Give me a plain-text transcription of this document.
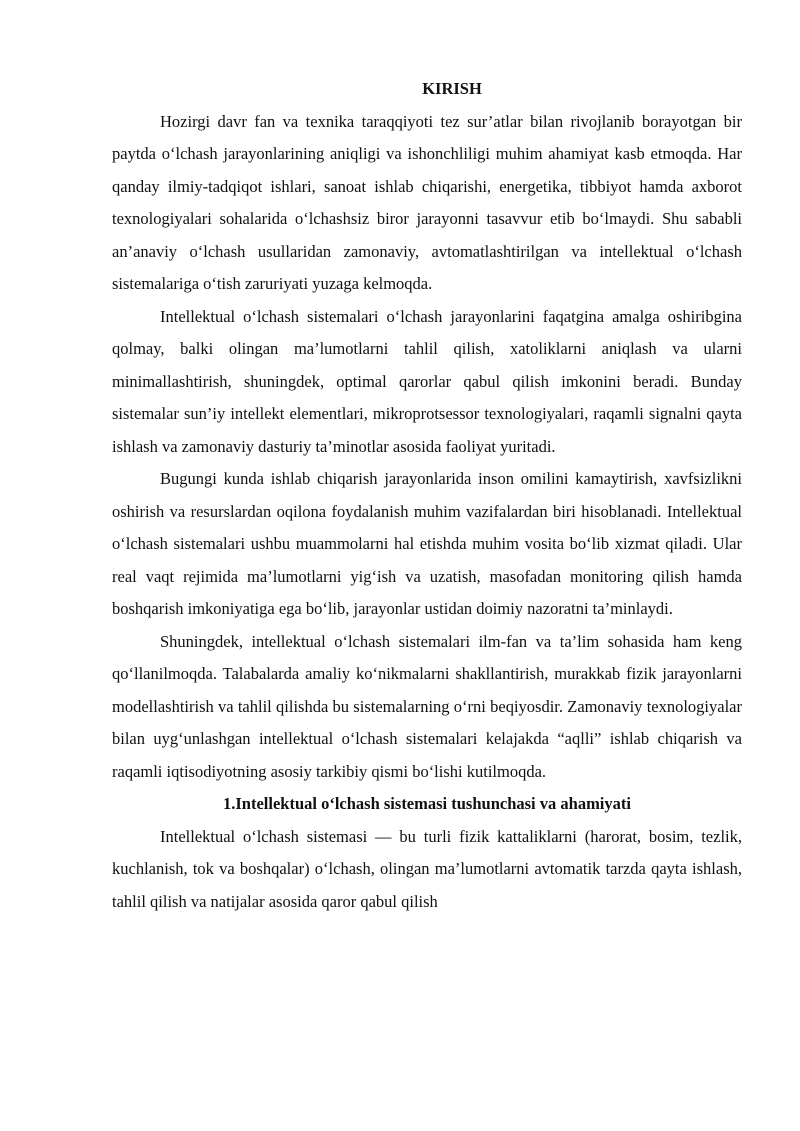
KIRISH

Hozirgi davr fan va texnika taraqqiyoti tez sur’atlar bilan rivojlanib borayotgan bir paytda o‘lchash jarayonlarining aniqligi va ishonchliligi muhim ahamiyat kasb etmoqda. Har qanday ilmiy-tadqiqot ishlari, sanoat ishlab chiqarishi, energetika, tibbiyot hamda axborot texnologiyalari sohalarida o‘lchashsiz biror jarayonni tasavvur etib bo‘lmaydi. Shu sababli an’anaviy o‘lchash usullaridan zamonaviy, avtomatlashtirilgan va intellektual o‘lchash sistemalariga o‘tish zaruriyati yuzaga kelmoqda.

Intellektual o‘lchash sistemalari o‘lchash jarayonlarini faqatgina amalga oshiribgina qolmay, balki olingan ma’lumotlarni tahlil qilish, xatoliklarni aniqlash va ularni minimallashtirish, shuningdek, optimal qarorlar qabul qilish imkonini beradi. Bunday sistemalar sun’iy intellekt elementlari, mikroprotsessor texnologiyalari, raqamli signalni qayta ishlash va zamonaviy dasturiy ta’minotlar asosida faoliyat yuritadi.

Bugungi kunda ishlab chiqarish jarayonlarida inson omilini kamaytirish, xavfsizlikni oshirish va resurslardan oqilona foydalanish muhim vazifalardan biri hisoblanadi. Intellektual o‘lchash sistemalari ushbu muammolarni hal etishda muhim vosita bo‘lib xizmat qiladi. Ular real vaqt rejimida ma’lumotlarni yig‘ish va uzatish, masofadan monitoring qilish hamda boshqarish imkoniyatiga ega bo‘lib, jarayonlar ustidan doimiy nazoratni ta’minlaydi.

Shuningdek, intellektual o‘lchash sistemalari ilm-fan va ta’lim sohasida ham keng qo‘llanilmoqda. Talabalarda amaliy ko‘nikmalarni shakllantirish, murakkab fizik jarayonlarni modellashtirish va tahlil qilishda bu sistemalarning o‘rni beqiyosdir. Zamonaviy texnologiyalar bilan uyg‘unlashgan intellektual o‘lchash sistemalari kelajakda “aqlli” ishlab chiqarish va raqamli iqtisodiyotning asosiy tarkibiy qismi bo‘lishi kutilmoqda.

1.Intellektual o‘lchash sistemasi tushunchasi va ahamiyati

Intellektual o‘lchash sistemasi — bu turli fizik kattaliklarni (harorat, bosim, tezlik, kuchlanish, tok va boshqalar) o‘lchash, olingan ma’lumotlarni avtomatik tarzda qayta ishlash, tahlil qilish va natijalar asosida qaror qabul qilish
